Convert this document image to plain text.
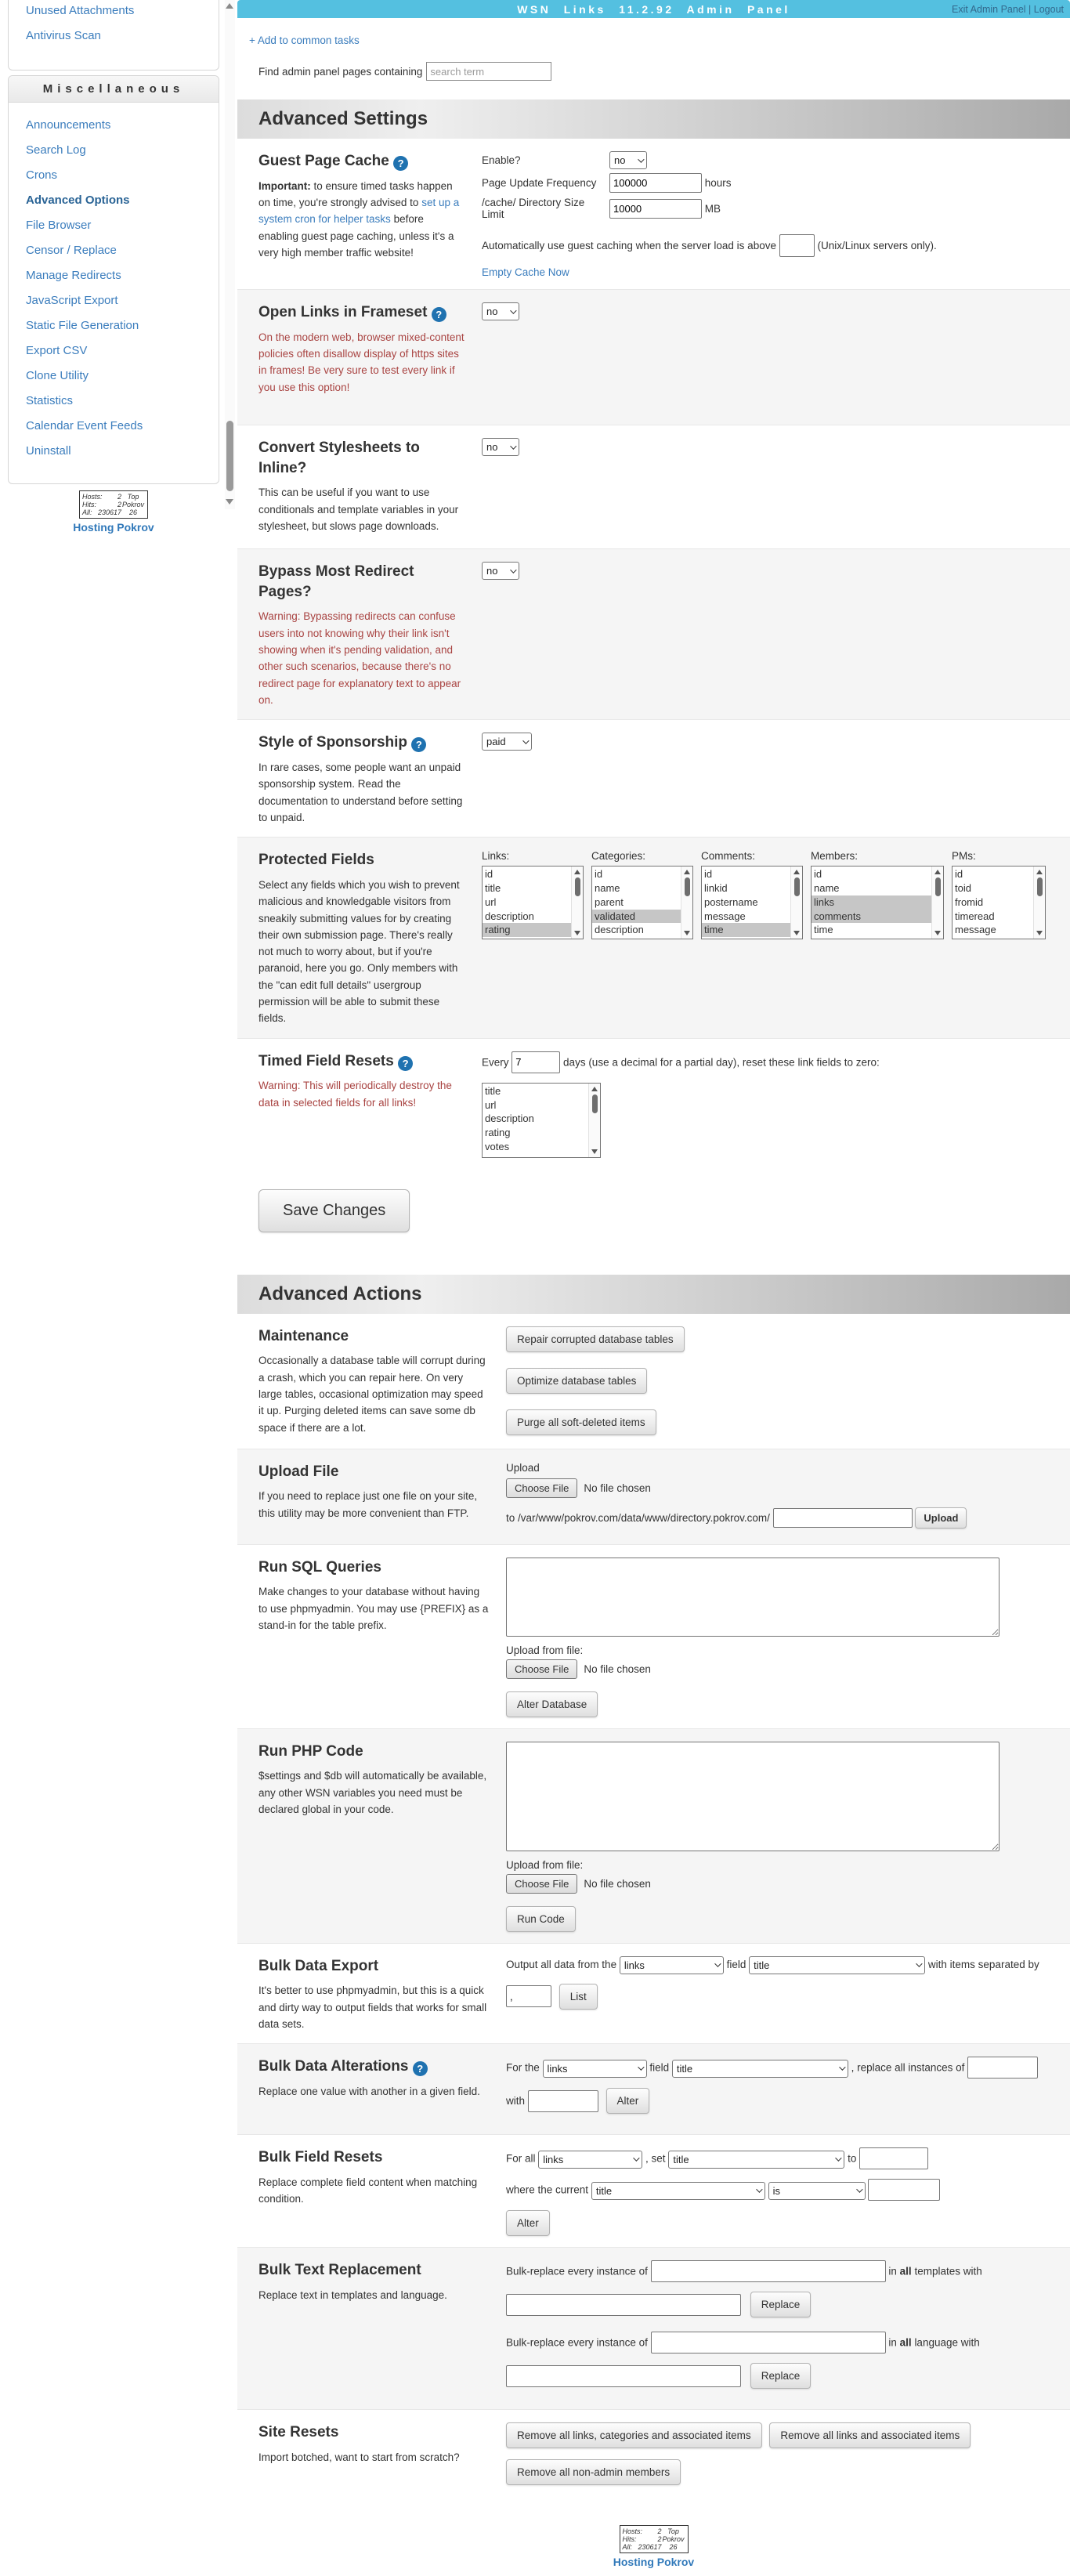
Unused Attachments
Antivirus Scan
Miscellaneous
Announcements
Search Log
Crons
Advanced Options
File Browser
Censor / Replace
Manage Redirects
JavaScript Export
Static File Generation
Export CSV
Clone Utility
Statistics
Calendar Event Feeds
Uninstall
Hosts: 2
Hits:	2
All: 230617
Top
Pokrov
26
Hosting Pokrov
WSN Links 11.2.92 Admin Panel	Exit Admin Panel | Logout
+ Add to common tasks
Find admin panel pages containing
search term
Advanced Settings
Guest Page Cache ?

Important: to ensure timed tasks happen on time, you're strongly advised to set up a system cron for helper tasks before enabling guest page caching, unless it's a very high member traffic website!

Enable?	no
Page Update Frequency
100000	hours
/cache/ Directory Size Limit
10000	MB
Automatically use guest caching when the server load is above	(Unix/Linux servers only).
Empty Cache Now
Open Links in Frameset ?

On the modern web, browser mixed-content policies often disallow display of https sites in frames! Be very sure to test every link if you use this option!

no
Convert Stylesheets to Inline?

This can be useful if you want to use conditionals and template variables in your stylesheet, but slows page downloads.

no
Bypass Most Redirect Pages?

Warning: Bypassing redirects can confuse users into not knowing why their link isn't showing when it's pending validation, and other such scenarios, because there's no redirect page for explanatory text to appear on.

no
Style of Sponsorship ?

In rare cases, some people want an unpaid sponsorship system. Read the documentation to understand before setting to unpaid.

paid
Protected Fields

Select any fields which you wish to prevent malicious and knowledgable visitors from sneakily submitting values for by creating their own submission page. There's really not much to worry about, but if you're paranoid, here you go. Only members with the "can edit full details" usergroup permission will be able to submit these fields.

Links:
id
title
url
description
rating
Categories:
id
name
parent
validated
description
Comments:
id
linkid
postername
message
time
Members:
id
name
links
comments
time
PMs:
id
toid
fromid
timeread
message
Timed Field Resets ?

Warning: This will periodically destroy the data in selected fields for all links!

Every 7	days (use a decimal for a partial day), reset these link fields to zero:
title
url
description
rating
votes
Save Changes
Advanced Actions
Maintenance

Occasionally a database table will corrupt during a crash, which you can repair here. On very large tables, occasional optimization may speed it up. Purging deleted items can save some db space if there are a lot.

Repair corrupted database tables
Optimize database tables
Purge all soft-deleted items
Upload File

If you need to replace just one file on your site, this utility may be more convenient than FTP.

Upload
Choose File No file chosen
to /var/www/pokrov.com/data/www/directory.pokrov.com/	Upload
Run SQL Queries

Make changes to your database without having to use phpmyadmin. You may use {PREFIX} as a stand-in for the table prefix.

Upload from file:
Choose File No file chosen
Alter Database
Run PHP Code

$settings and $db will automatically be available, any other WSN variables you need must be declared global in your code.

Upload from file:
Choose File No file chosen
Run Code
Bulk Data Export

It's better to use phpmyadmin, but this is a quick and dirty way to output fields that works for small data sets.

Output all data from the links	field title	with items separated by
, List
Bulk Data Alterations ?

Replace one value with another in a given field.

For the links	field title	, replace all instances of
with	Alter
Bulk Field Resets

Replace complete field content when matching condition.

For all links	, set title	to
where the current title
	is

Alter
Bulk Text Replacement

Replace text in templates and language.

Bulk-replace every instance of	in all templates with
Replace
Bulk-replace every instance of	in all language with
Replace
Site Resets

Import botched, want to start from scratch?

Remove all links, categories and associated items	Remove all links and associated items
Remove all non-admin members
Hosts: 2
Hits:	2
All: 230617
Top
Pokrov
26
Hosting Pokrov
